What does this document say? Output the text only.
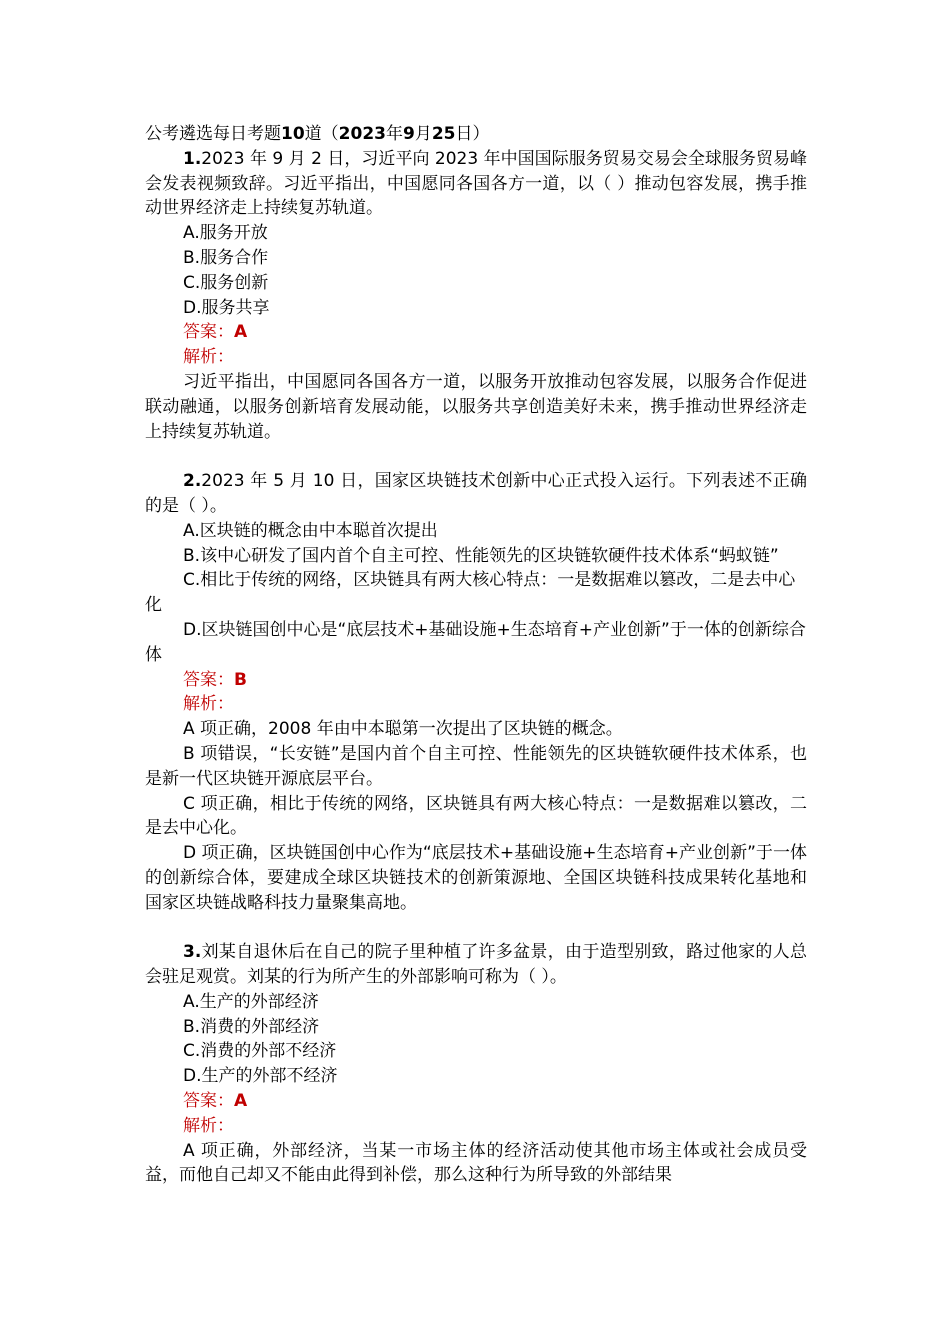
公考遴选每日考题10道（2023年9月25日）

1.2023 年 9 月 2 日，习近平向 2023 年中国国际服务贸易交易会全球服务贸易峰会发表视频致辞。习近平指出，中国愿同各国各方一道，以（ ）推动包容发展，携手推动世界经济走上持续复苏轨道。

A.服务开放

B.服务合作

C.服务创新

D.服务共享

答案：A

解析：

习近平指出，中国愿同各国各方一道，以服务开放推动包容发展，以服务合作促进联动融通，以服务创新培育发展动能，以服务共享创造美好未来，携手推动世界经济走上持续复苏轨道。

2.2023 年 5 月 10 日，国家区块链技术创新中心正式投入运行。下列表述不正确的是（ ）。

A.区块链的概念由中本聪首次提出

B.该中心研发了国内首个自主可控、性能领先的区块链软硬件技术体系“蚂蚁链”

C.相比于传统的网络，区块链具有两大核心特点：一是数据难以篡改，二是去中心化

D.区块链国创中心是“底层技术+基础设施+生态培育+产业创新”于一体的创新综合体

答案：B

解析：

A 项正确，2008 年由中本聪第一次提出了区块链的概念。

B 项错误，“长安链”是国内首个自主可控、性能领先的区块链软硬件技术体系，也是新一代区块链开源底层平台。

C 项正确，相比于传统的网络，区块链具有两大核心特点：一是数据难以篡改，二是去中心化。

D 项正确，区块链国创中心作为“底层技术+基础设施+生态培育+产业创新”于一体的创新综合体，要建成全球区块链技术的创新策源地、全国区块链科技成果转化基地和国家区块链战略科技力量聚集高地。

3.刘某自退休后在自己的院子里种植了许多盆景，由于造型别致，路过他家的人总会驻足观赏。刘某的行为所产生的外部影响可称为（ ）。

A.生产的外部经济

B.消费的外部经济

C.消费的外部不经济

D.生产的外部不经济

答案：A

解析：

A 项正确，外部经济，当某一市场主体的经济活动使其他市场主体或社会成员受益，而他自己却又不能由此得到补偿，那么这种行为所导致的外部结果
